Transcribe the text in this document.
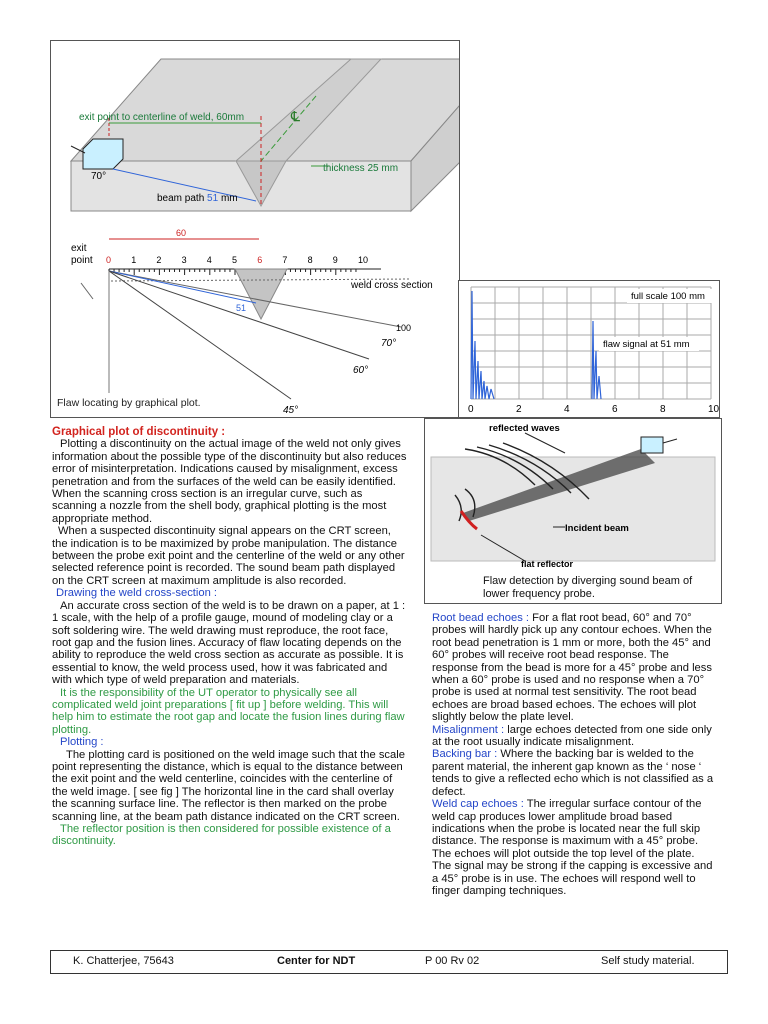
℄
70°
exit point to centerline of weld, 60mm
thickness 25 mm
beam path 51 mm
exit
point
60
0 1 2 3 4 5 6 7 8 9 10
weld cross section
100
51
70°
60°
45°
Flaw locating by graphical plot.
0	2	4	6	8	10
full scale 100 mm
flaw signal at 51 mm
reflected waves
Incident beam
flat reflector
Flaw detection by diverging sound beam of
lower frequency probe.

Graphical plot of discontinuity :

Plotting a discontinuity on the actual image of the weld not only gives information about the possible type of the discontinuity but also reduces error of misinterpretation. Indications caused by misalignment, excess penetration and from the surfaces of the weld can be easily identified. When the scanning cross section is an irregular curve, such as scanning a nozzle from the shell body, graphical plotting is the most appropriate method.

When a suspected discontinuity signal appears on the CRT screen, the indication is to be maximized by probe manipulation. The distance between the probe exit point and the centerline of the weld or any other selected reference point is recorded. The sound beam path displayed on the CRT screen at maximum amplitude is also recorded.

Drawing the weld cross-section :

An accurate cross section of the weld is to be drawn on a paper, at 1 : 1 scale, with the help of a profile gauge, mound of modeling clay or a soft soldering wire. The weld drawing must reproduce, the root face, root gap and the fusion lines. Accuracy of flaw locating depends on the ability to reproduce the weld cross section as accurate as possible. It is essential to know, the weld process used, how it was fabricated and with which type of weld preparation and materials.

It is the responsibility of the UT operator to physically see all complicated weld joint preparations [ fit up ] before welding. This will help him to estimate the root gap and locate the fusion lines during flaw plotting.

Plotting :

The plotting card is positioned on the weld image such that the scale point representing the distance, which is equal to the distance between the exit point and the weld centerline, coincides with the centerline of the weld image. [ see fig ] The horizontal line in the card shall overlay the scanning surface line. The reflector is then marked on the probe scanning line, at the beam path distance indicated on the CRT screen.

The reflector position is then considered for possible existence of a discontinuity.

Root bead echoes : For a flat root bead, 60° and 70° probes will hardly pick up any contour echoes. When the root bead penetration is 1 mm or more, both the 45° and 60° probes will receive root bead response. The response from the bead is more for a 45° probe and less when a 60° probe is used and no response when a 70° probe is used at normal test sensitivity. The root bead echoes are broad based echoes. The echoes will plot slightly below the plate level.

Misalignment : large echoes detected from one side only at the root usually indicate misalignment.

Backing bar : Where the backing bar is welded to the parent material, the inherent gap known as the ‘ nose ‘ tends to give a reflected echo which is not classified as a defect.

Weld cap echoes : The irregular surface contour of the weld cap produces lower amplitude broad based indications when the probe is located near the full skip distance. The response is maximum with a 45° probe. The echoes will plot outside the top level of the plate. The signal may be strong if the capping is excessive and a 45° probe is in use. The echoes will respond well to finger damping techniques.

K. Chatterjee, 75643	Center for NDT	P 00 Rv 02	Self study material.
